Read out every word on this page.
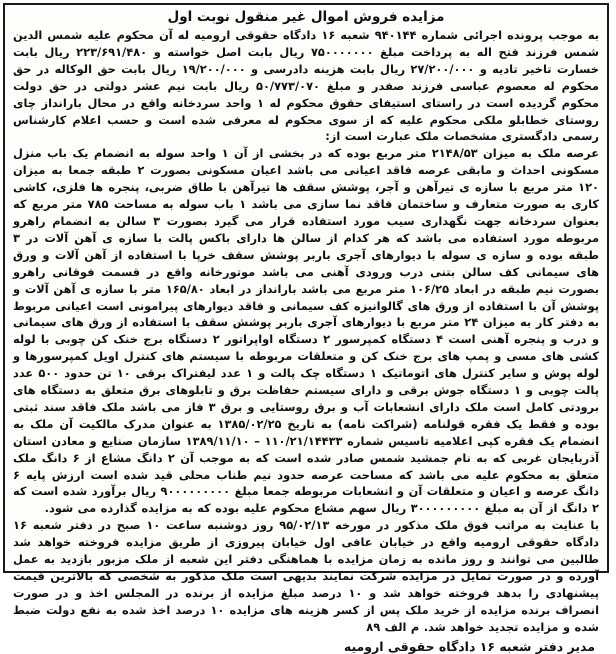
مزایده فروش اموال غیر منقول نوبت اول

به موجب پرونده اجرائی شماره ۹۴۰۱۴۴ شعبه ۱۶ دادگاه حقوقی ارومیه له آن محکوم علیه شمس الدین شمس فرزند فتح اله به پرداخت مبلغ ۷۵۰۰۰۰۰۰۰ ریال بابت اصل خواسته و ۲۲۳/۶۹۱/۴۸۰ ریال بابت خسارت تاخیر تادیه و ۲۷/۲۰۰/۰۰۰ ریال بابت هزینه دادرسی و ۱۹/۲۰۰/۰۰۰ ریال بابت حق الوکاله در حق محکوم له معصوم عباسی فرزند صفدر و مبلغ ۵۰/۷۷۳/۰۷۰ ریال بابت نیم عشر دولتی در حق دولت محکوم گردیده است در راستای استیفای حقوق محکوم له ۱ واحد سردخانه واقع در محال بارانداز چای روستای خطابلو ملکی محکوم علیه که از سوی محکوم له معرفی شده است و حسب اعلام کارشناس رسمی دادگستری مشخصات ملک عبارت است از:

عرصه ملک به میزان ۲۱۴۸/۵۳ متر مربع بوده که در بخشی از آن ۱ واحد سوله به انضمام یک باب منزل مسکونی احداث و مابقی عرصه فاقد اعیانی می باشد اعیان مسکونی بصورت ۲ طبقه جمعا به میزان ۱۲۰ متر مربع با سازه ی تیرآهن و آجر، پوشش سقف ها تیرآهن با طاق ضربی، پنجره ها فلزی، کاشی کاری به صورت متعارف و ساختمان فاقد نما سازی می باشد ۱ باب سوله به مساحت ۷۸۵ متر مربع که بعنوان سردخانه جهت نگهداری سیب مورد استفاده قرار می گیرد بصورت ۳ سالن به انضمام راهرو مربوطه مورد استفاده می باشد که هر کدام از سالن ها دارای باکس پالت با سازه ی آهن آلات در ۳ طبقه بوده و سازه ی سوله با دیوارهای آجری باربر پوشش سقف خرپا با استفاده از آهن آلات و ورق های سیمانی کف سالن بتنی درب ورودی آهنی می باشد موتورخانه واقع در قسمت فوقانی راهرو بصورت نیم طبقه در ابعاد ۱۰۶/۲۵ متر مربع می باشد بارانداز در ابعاد ۱۶۵/۸۰ متر با سازه ی آهن آلات و پوشش آن با استفاده از ورق های گالوانیزه کف سیمانی و فاقد دیوارهای پیرامونی است اعیانی مربوط به دفتر کار به میزان ۲۴ متر مربع با دیوارهای آجری باربر پوشش سقف با استفاده از ورق های سیمانی و درب و پنجره آهنی است ۴ دستگاه کمپرسور ۲ دستگاه اواپراتور ۲ دستگاه برج خنک کن چوبی با لوله کشی های مسی و پمپ های برج خنک کن و متعلقات مربوطه با سیستم های کنترل اویل کمپرسورها و لوله پوش و سایر کنترل های اتوماتیک ۱ دستگاه چک پالت و ۱ عدد لیفتراک برقی ۱۰ تن حدود ۵۰۰ عدد پالت چوبی و ۱ دستگاه جوش برقی و دارای سیستم حفاظت برق و تابلوهای برق متعلق به دستگاه های برودتی کامل است ملک دارای انشعابات آب و برق روستایی و برق ۳ فاز می باشد ملک فاقد سند ثبتی بوده و فقط یک فقره قولنامه (شراکت نامه) به تاریخ ۱۳۸۵/۰۲/۲۵ به عنوان مدرک مالکیت آن ملک به انضمام یک فقره کپی اعلامیه تاسیس شماره ۱۱۰/۲۱/۱۴۴۳۳ – ۱۳۸۹/۱۱/۱۰ سازمان صنایع و معادن استان آذربایجان غربی که به نام جمشید شمس صادر شده است که به موجب آن ۲ دانگ مشاع از ۶ دانگ ملک متعلق به محکوم علیه می باشد که مساحت عرصه حدود نیم طناب محلی قید شده است ارزش پایه ۶ دانگ عرصه و اعیان و متعلقات آن و انشعابات مربوطه جمعا مبلغ ۹۰۰۰۰۰۰۰۰۰ ریال برآورد شده است که ۲ دانگ از آن به مبلغ ۳۰۰۰۰۰۰۰۰۰ ریال سهم مشاع محکوم علیه بوده که به مزایده گذارده می شود.

با عنایت به مراتب فوق ملک مذکور در مورخه ۹۵/۰۲/۱۳ روز دوشنبه ساعت ۱۰ صبح در دفتر شعبه ۱۶ دادگاه حقوقی ارومیه واقع در خیابان عافی اول خیابان پیروزی از طریق مزایده فروخته خواهد شد طالبین می توانند و روز مانده به زمان مزایده با هماهنگی دفتر این شعبه از ملک مزبور بازدید به عمل آورده و در صورت تمایل در مزایده شرکت نمایند بدیهی است ملک مذکور به شخصی که بالاترین قیمت پیشنهادی را بدهد فروخته خواهد شد و ۱۰ درصد مبلغ مزایده از برنده در المجلس اخذ و در صورت انصراف برنده مزایده از خرید ملک پس از کسر هزینه های مزایده ۱۰ درصد اخذ شده به نفع دولت ضبط شده و مزایده تجدید خواهد شد. م الف ۸۹

مدیر دفتر شعبه ۱۶ دادگاه حقوقی ارومیه
